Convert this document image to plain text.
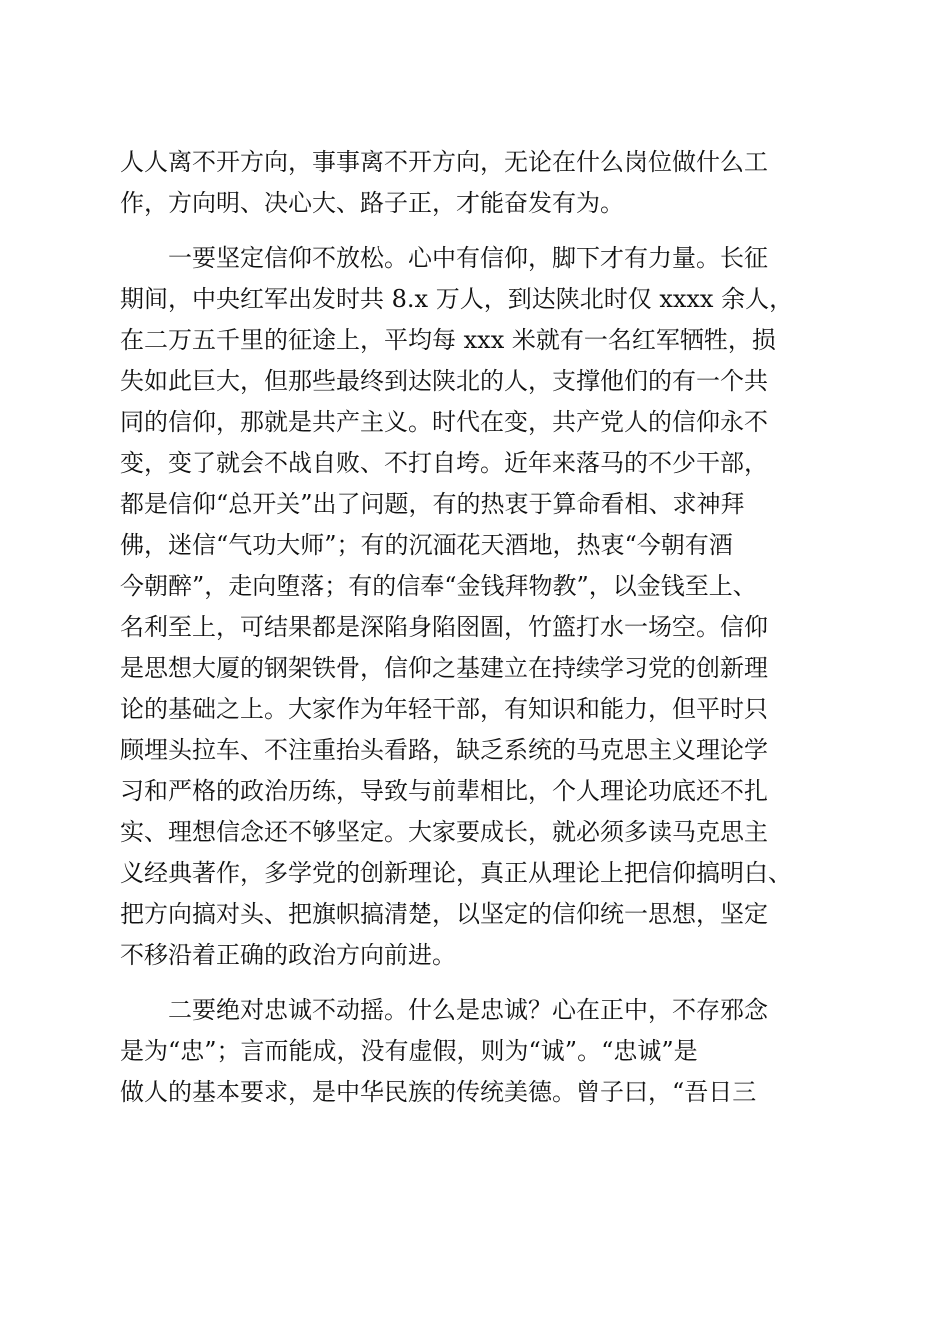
人人离不开方向，事事离不开方向，无论在什么岗位做什么工
作，方向明、决心大、路子正，才能奋发有为。
一要坚定信仰不放松。心中有信仰，脚下才有力量。长征
期间，中央红军出发时共 8.x 万人，到达陕北时仅 xxxx 余人，
在二万五千里的征途上，平均每 xxx 米就有一名红军牺牲，损
失如此巨大，但那些最终到达陕北的人，支撑他们的有一个共
同的信仰，那就是共产主义。时代在变，共产党人的信仰永不
变，变了就会不战自败、不打自垮。近年来落马的不少干部，
都是信仰“总开关”出了问题，有的热衷于算命看相、求神拜
佛，迷信“气功大师”；有的沉湎花天酒地，热衷“今朝有酒
今朝醉”，走向堕落；有的信奉“金钱拜物教”，以金钱至上、
名利至上，可结果都是深陷身陷囹圄，竹篮打水一场空。信仰
是思想大厦的钢架铁骨，信仰之基建立在持续学习党的创新理
论的基础之上。大家作为年轻干部，有知识和能力，但平时只
顾埋头拉车、不注重抬头看路，缺乏系统的马克思主义理论学
习和严格的政治历练，导致与前辈相比，个人理论功底还不扎
实、理想信念还不够坚定。大家要成长，就必须多读马克思主
义经典著作，多学党的创新理论，真正从理论上把信仰搞明白、
把方向搞对头、把旗帜搞清楚，以坚定的信仰统一思想，坚定
不移沿着正确的政治方向前进。
二要绝对忠诚不动摇。什么是忠诚？心在正中，不存邪念
是为“忠”；言而能成，没有虚假，则为“诚”。“忠诚”是
做人的基本要求，是中华民族的传统美德。曾子曰，“吾日三
